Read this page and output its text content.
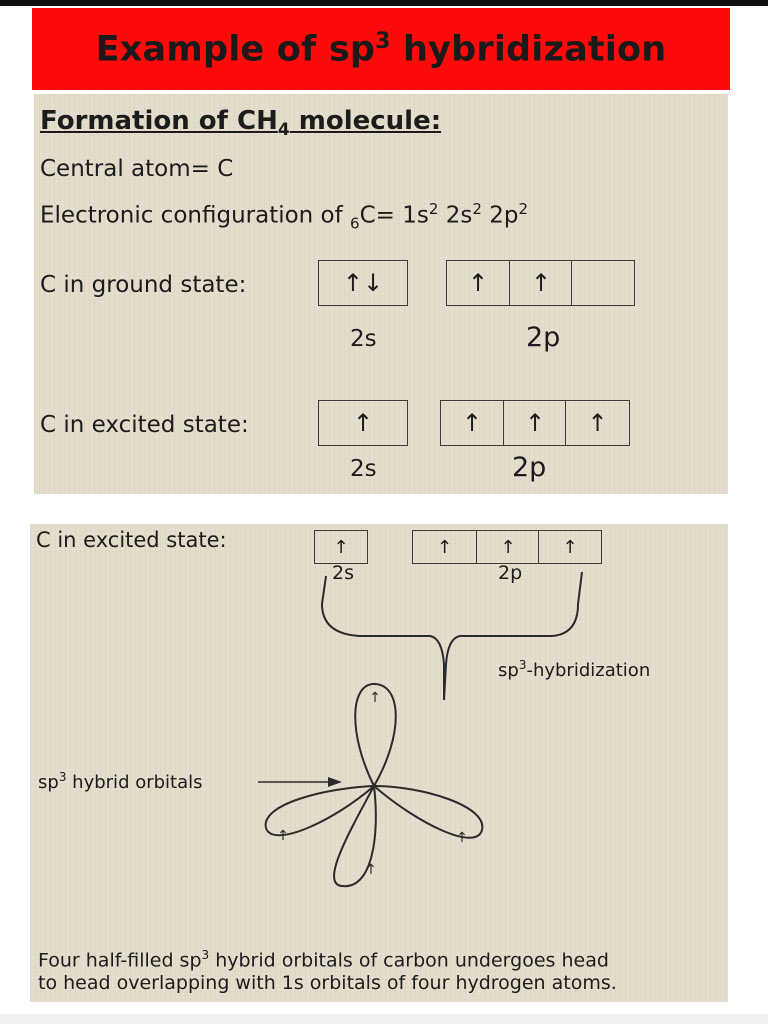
Example of $sp^3$ hybridization
Formation of $CH_4$ molecule:
Central atom= C
Electronic configuration of $_6C= 1s^2$ $2s^2$ $2p^2$
C in ground state:	↑↓	↑	↑
2s	2p
C in excited state:	↑	↑	↑	↑
2s	2p
C in excited state:	↑	↑	↑	↑
2s	2p
$sp^3$-hybridization
$sp^3$ hybrid orbitals
↑
↑
↑
↑
Four half-filled $sp^3$ hybrid orbitals of carbon undergoes head
to head overlapping with 1s orbitals of four hydrogen atoms.
